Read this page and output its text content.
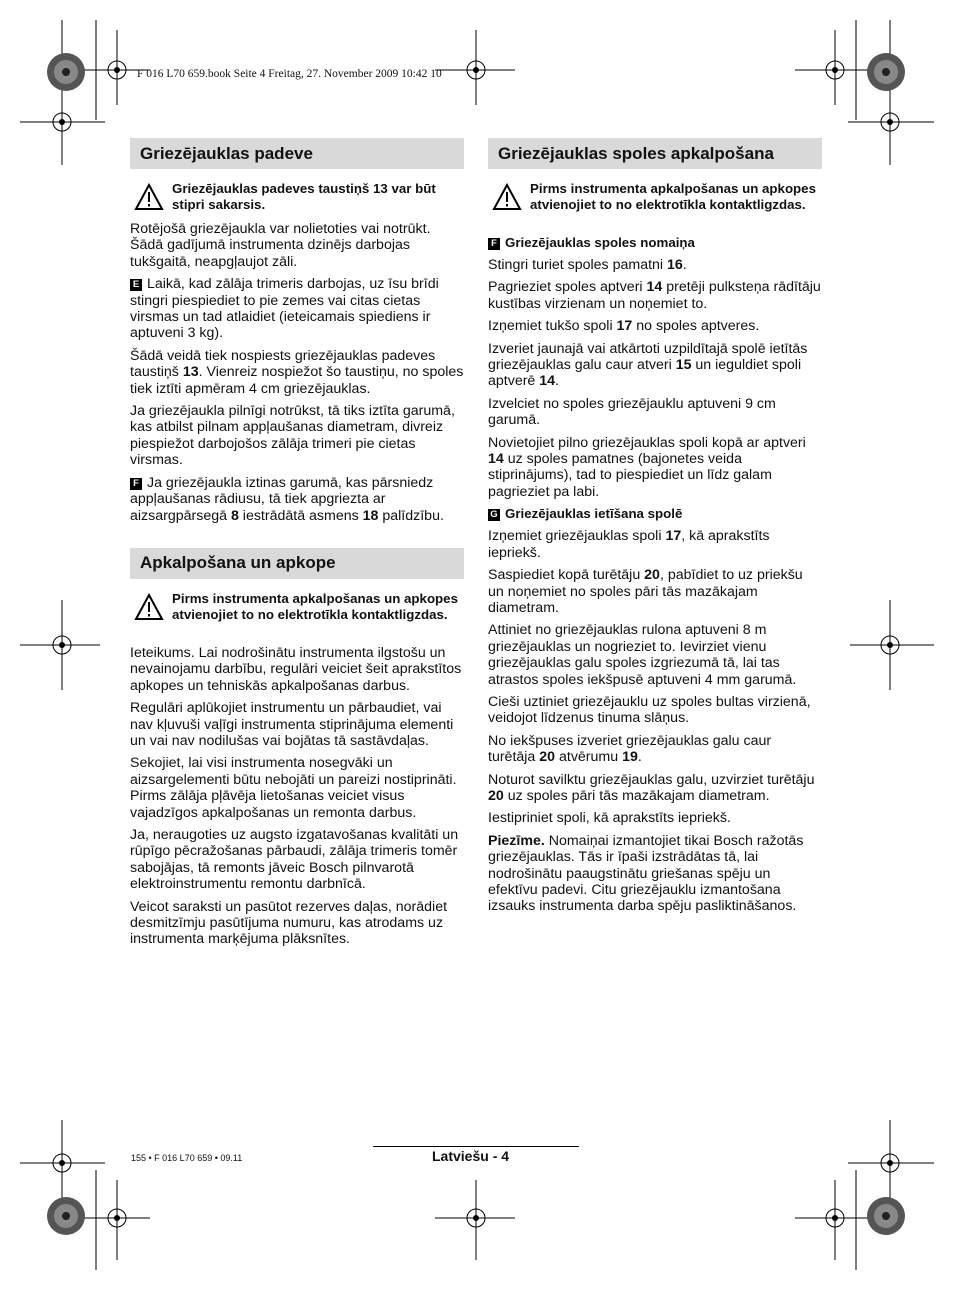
F 016 L70 659.book Seite 4 Freitag, 27. November 2009 10:42 10
Griezējauklas padeve
Griezējauklas padeves taustiņš 13 var būt stipri sakarsis.

Rotējošā griezējaukla var nolietoties vai notrūkt. Šādā gadījumā instrumenta dzinējs darbojas tukšgaitā, neapgļaujot zāli.

E Laikā, kad zālāja trimeris darbojas, uz īsu brīdi stingri piespiediet to pie zemes vai citas cietas virsmas un tad atlaidiet (ieteicamais spiediens ir aptuveni 3 kg).

Šādā veidā tiek nospiests griezējauklas padeves taustiņš 13. Vienreiz nospiežot šo taustiņu, no spoles tiek iztīti apmēram 4 cm griezējauklas.

Ja griezējaukla pilnīgi notrūkst, tā tiks iztīta garumā, kas atbilst pilnam appļaušanas diametram, divreiz piespiežot darbojošos zālāja trimeri pie cietas virsmas.

F Ja griezējaukla iztinas garumā, kas pārsniedz appļaušanas rādiusu, tā tiek apgriezta ar aizsargpārsegā 8 iestrādātā asmens 18 palīdzību.

Apkalpošana un apkope
Pirms instrumenta apkalpošanas un apkopes atvienojiet to no elektrotīkla kontaktligzdas.

Ieteikums. Lai nodrošinātu instrumenta ilgstošu un nevainojamu darbību, regulāri veiciet šeit aprakstītos apkopes un tehniskās apkalpošanas darbus.

Regulāri aplūkojiet instrumentu un pārbaudiet, vai nav kļuvuši vaļīgi instrumenta stiprinājuma elementi un vai nav nodilušas vai bojātas tā sastāvdaļas.

Sekojiet, lai visi instrumenta nosegvāki un aizsargelementi būtu nebojāti un pareizi nostiprināti. Pirms zālāja pļāvēja lietošanas veiciet visus vajadzīgos apkalpošanas un remonta darbus.

Ja, neraugoties uz augsto izgatavošanas kvalitāti un rūpīgo pēcražošanas pārbaudi, zālāja trimeris tomēr sabojājas, tā remonts jāveic Bosch pilnvarotā elektroinstrumentu remontu darbnīcā.

Veicot saraksti un pasūtot rezerves daļas, norādiet desmitzīmju pasūtījuma numuru, kas atrodams uz instrumenta marķējuma plāksnītes.

Griezējauklas spoles apkalpošana
Pirms instrumenta apkalpošanas un apkopes atvienojiet to no elektrotīkla kontaktligzdas.
F Griezējauklas spoles nomaiņa

Stingri turiet spoles pamatni 16.

Pagrieziet spoles aptveri 14 pretēji pulksteņa rādītāju kustības virzienam un noņemiet to.

Izņemiet tukšo spoli 17 no spoles aptveres.

Izveriet jaunajā vai atkārtoti uzpildītajā spolē ietītās griezējauklas galu caur atveri 15 un ieguldiet spoli aptverē 14.

Izvelciet no spoles griezējauklu aptuveni 9 cm garumā.

Novietojiet pilno griezējauklas spoli kopā ar aptveri 14 uz spoles pamatnes (bajonetes veida stiprinājums), tad to piespiediet un līdz galam pagrieziet pa labi.

G Griezējauklas ietīšana spolē

Izņemiet griezējauklas spoli 17, kā aprakstīts iepriekš.

Saspiediet kopā turētāju 20, pabīdiet to uz priekšu un noņemiet no spoles pāri tās mazākajam diametram.

Attiniet no griezējauklas rulona aptuveni 8 m griezējauklas un nogrieziet to. Ievirziet vienu griezējauklas galu spoles izgriezumā tā, lai tas atrastos spoles iekšpusē aptuveni 4 mm garumā.

Cieši uztiniet griezējauklu uz spoles bultas virzienā, veidojot līdzenus tinuma slāņus.

No iekšpuses izveriet griezējauklas galu caur turētāja 20 atvērumu 19.

Noturot savilktu griezējauklas galu, uzvirziet turētāju 20 uz spoles pāri tās mazākajam diametram.

Iestipriniet spoli, kā aprakstīts iepriekš.

Piezīme. Nomaiņai izmantojiet tikai Bosch ražotās griezējauklas. Tās ir īpaši izstrādātas tā, lai nodrošinātu paaugstinātu griešanas spēju un efektīvu padevi. Citu griezējauklu izmantošana izsauks instrumenta darba spēju pasliktināšanos.

155 • F 016 L70 659 • 09.11	Latviešu - 4
